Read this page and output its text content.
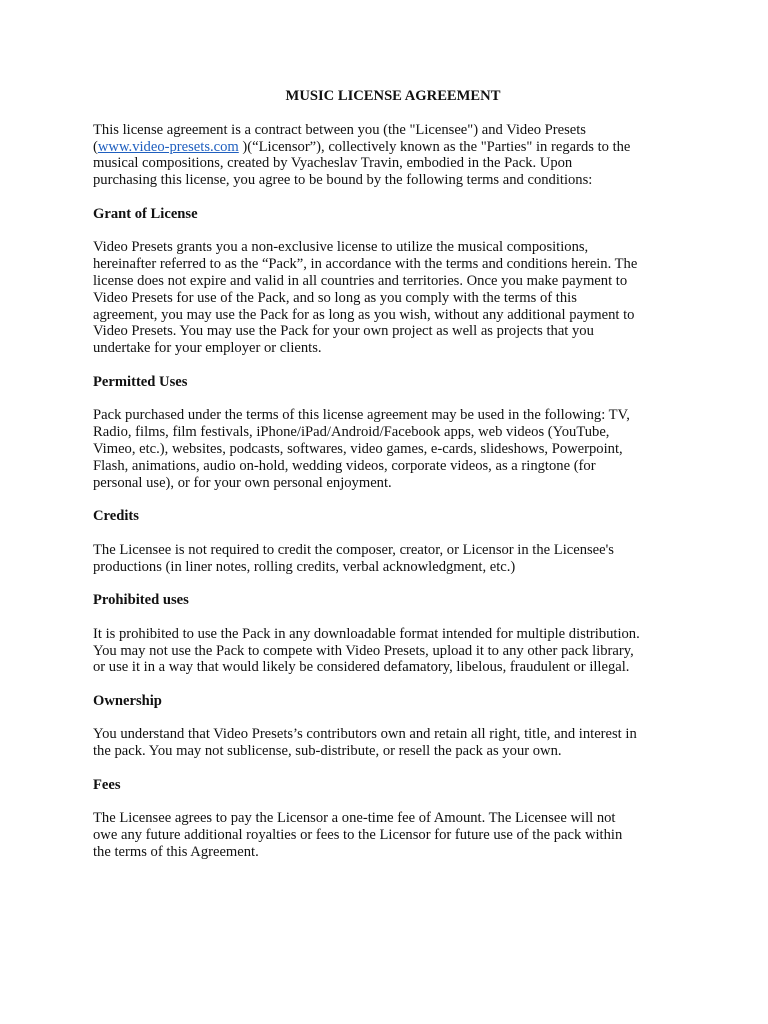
MUSIC LICENSE AGREEMENT
This license agreement is a contract between you (the "Licensee") and Video Presets
(www.video-presets.com )(“Licensor”), collectively known as the "Parties" in regards to the
musical compositions, created by Vyacheslav Travin, embodied in the Pack. Upon
purchasing this license, you agree to be bound by the following terms and conditions:
Grant of License
Video Presets grants you a non-exclusive license to utilize the musical compositions,
hereinafter referred to as the “Pack”, in accordance with the terms and conditions herein. The
license does not expire and valid in all countries and territories. Once you make payment to
Video Presets for use of the Pack, and so long as you comply with the terms of this
agreement, you may use the Pack for as long as you wish, without any additional payment to
Video Presets. You may use the Pack for your own project as well as projects that you
undertake for your employer or clients.
Permitted Uses
Pack purchased under the terms of this license agreement may be used in the following: TV,
Radio, films, film festivals, iPhone/iPad/Android/Facebook apps, web videos (YouTube,
Vimeo, etc.), websites, podcasts, softwares, video games, e-cards, slideshows, Powerpoint,
Flash, animations, audio on-hold, wedding videos, corporate videos, as a ringtone (for
personal use), or for your own personal enjoyment.
Credits
The Licensee is not required to credit the composer, creator, or Licensor in the Licensee's
productions (in liner notes, rolling credits, verbal acknowledgment, etc.)
Prohibited uses
It is prohibited to use the Pack in any downloadable format intended for multiple distribution.
You may not use the Pack to compete with Video Presets, upload it to any other pack library,
or use it in a way that would likely be considered defamatory, libelous, fraudulent or illegal.
Ownership
You understand that Video Presets’s contributors own and retain all right, title, and interest in
the pack. You may not sublicense, sub-distribute, or resell the pack as your own.
Fees
The Licensee agrees to pay the Licensor a one-time fee of Amount. The Licensee will not
owe any future additional royalties or fees to the Licensor for future use of the pack within
the terms of this Agreement.
